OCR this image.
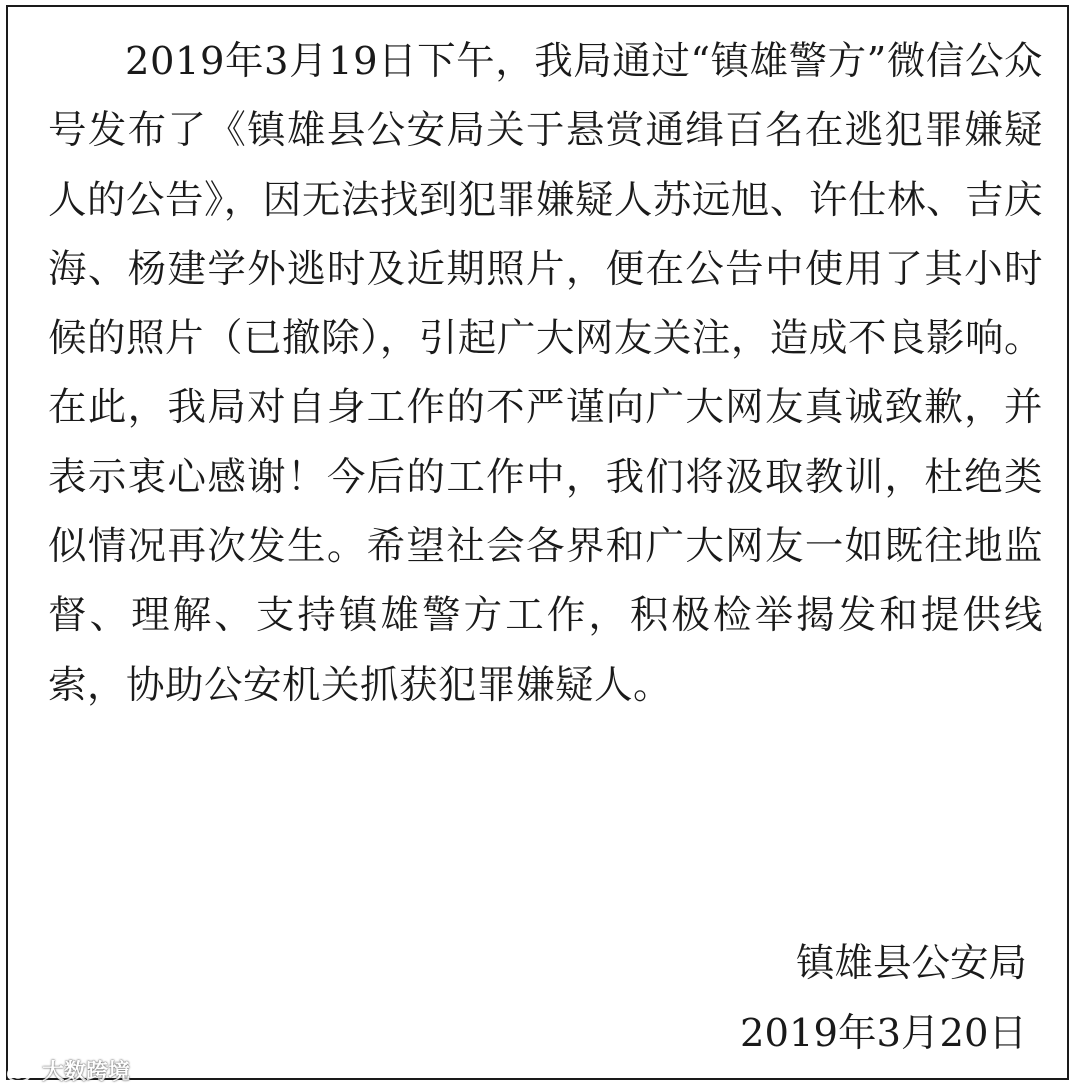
2019年3月19日下午，我局通过“镇雄警方”微信公众号发布了《镇雄县公安局关于悬赏通缉百名在逃犯罪嫌疑人的公告》，因无法找到犯罪嫌疑人苏远旭、许仕林、吉庆海、杨建学外逃时及近期照片，便在公告中使用了其小时候的照片（已撤除），引起广大网友关注，造成不良影响。在此，我局对自身工作的不严谨向广大网友真诚致歉，并表示衷心感谢！今后的工作中，我们将汲取教训，杜绝类似情况再次发生。希望社会各界和广大网友一如既往地监督、理解、支持镇雄警方工作，积极检举揭发和提供线索，协助公安机关抓获犯罪嫌疑人。

镇雄县公安局
2019年3月20日
大数跨境
